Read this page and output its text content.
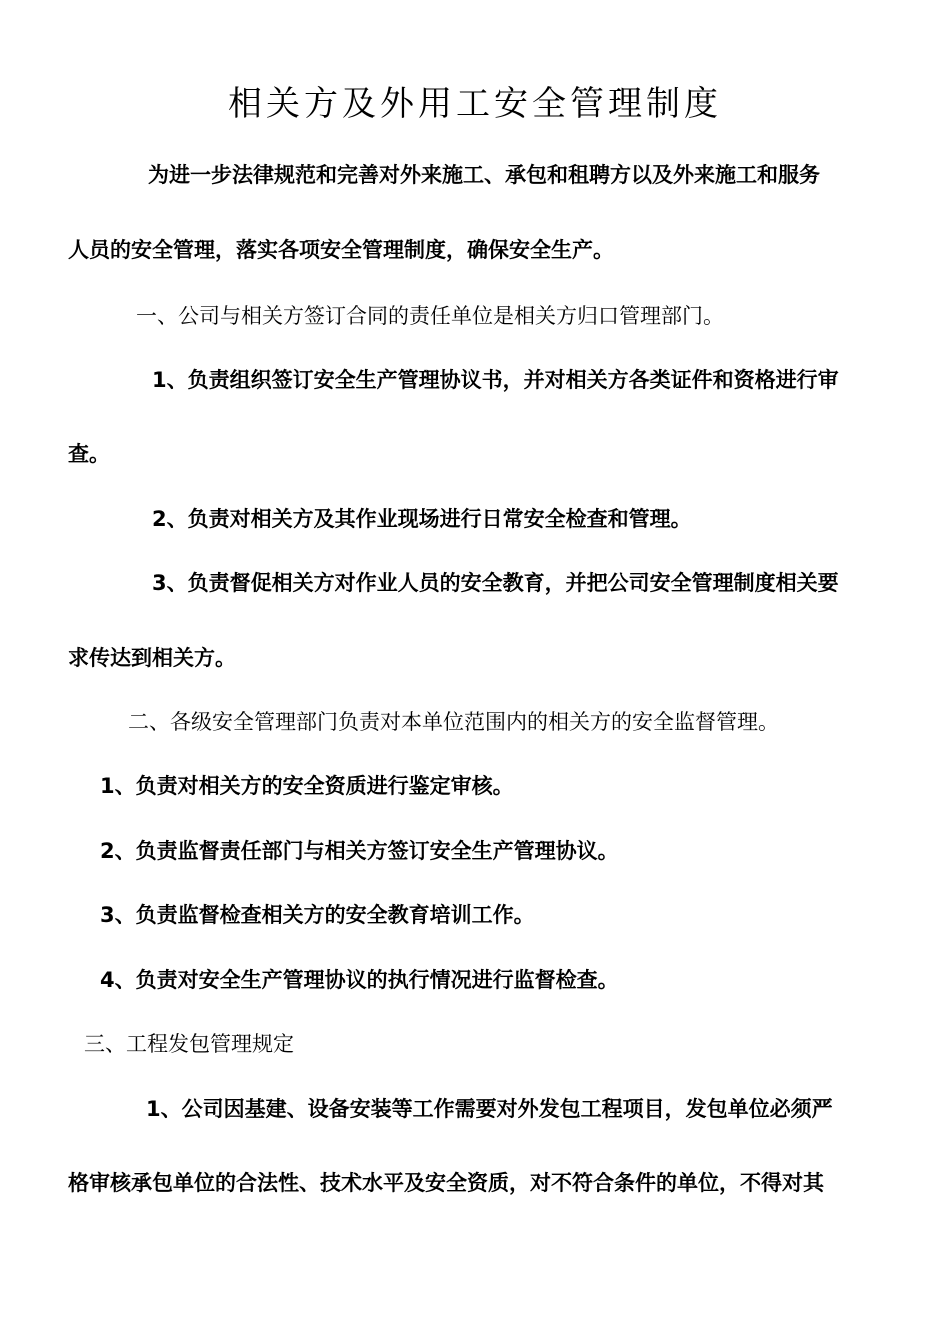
相关方及外用工安全管理制度
为进一步法律规范和完善对外来施工、承包和租聘方以及外来施工和服务
人员的安全管理，落实各项安全管理制度，确保安全生产。
一、公司与相关方签订合同的责任单位是相关方归口管理部门。
1、负责组织签订安全生产管理协议书，并对相关方各类证件和资格进行审
查。
2、负责对相关方及其作业现场进行日常安全检查和管理。
3、负责督促相关方对作业人员的安全教育，并把公司安全管理制度相关要
求传达到相关方。
二、各级安全管理部门负责对本单位范围内的相关方的安全监督管理。
1、负责对相关方的安全资质进行鉴定审核。
2、负责监督责任部门与相关方签订安全生产管理协议。
3、负责监督检查相关方的安全教育培训工作。
4、负责对安全生产管理协议的执行情况进行监督检查。
三、工程发包管理规定
1、公司因基建、设备安装等工作需要对外发包工程项目，发包单位必须严
格审核承包单位的合法性、技术水平及安全资质，对不符合条件的单位，不得对其
